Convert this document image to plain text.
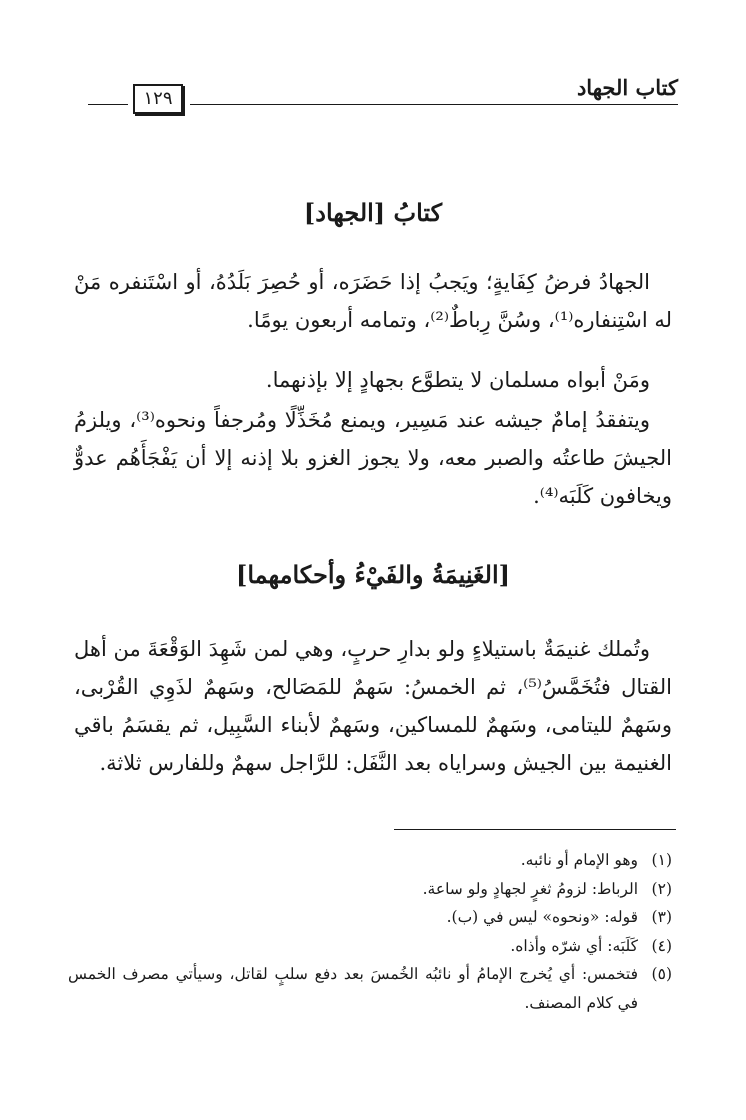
كتاب الجهاد
١٢٩
كتابُ [الجهاد]
الجهادُ فرضُ كِفَايةٍ؛ ويَجبُ إذا حَضَرَه، أو حُصِرَ بَلَدُهُ، أو اسْتَنفره مَنْ له اسْتِنفاره⁽¹⁾، وسُنَّ رِباطٌ⁽²⁾، وتمامه أربعون يومًا.
ومَنْ أبواه مسلمان لا يتطوَّع بجهادٍ إلا بإذنهما.
ويتفقدُ إمامٌ جيشه عند مَسِير، ويمنع مُخَذِّلًا ومُرجفاً ونحوه⁽³⁾، ويلزمُ الجيشَ طاعتُه والصبر معه، ولا يجوز الغزو بلا إذنه إلا أن يَفْجَأَهُم عدوٌّ ويخافون كَلَبَه⁽⁴⁾.
[الغَنِيمَةُ والفَيْءُ وأحكامهما]
وتُملك غنيمَةٌ باستيلاءٍ ولو بدارِ حربٍ، وهي لمن شَهِدَ الوَقْعَةَ من أهل القتال فتُخَمَّسُ⁽⁵⁾، ثم الخمسُ: سَهمٌ للمَصَالح، وسَهمٌ لذَوِي القُرْبى، وسَهمٌ لليتامى، وسَهمٌ للمساكين، وسَهمٌ لأبناء السَّبِيل، ثم يقسَمُ باقي الغنيمة بين الجيش وسراياه بعد النَّفَل: للرَّاجل سهمٌ وللفارس ثلاثة.
(١)
وهو الإمام أو نائبه.
(٢)
الرباط: لزومُ ثغرٍ لجهادٍ ولو ساعة.
(٣)
قوله: «ونحوه» ليس في (ب).
(٤)
كَلَبَه: أي شرّه وأذاه.
(٥)
فتخمس: أي يُخرج الإمامُ أو نائبُه الخُمسَ بعد دفع سلبٍ لقاتل، وسيأتي مصرف الخمس في كلام المصنف.
